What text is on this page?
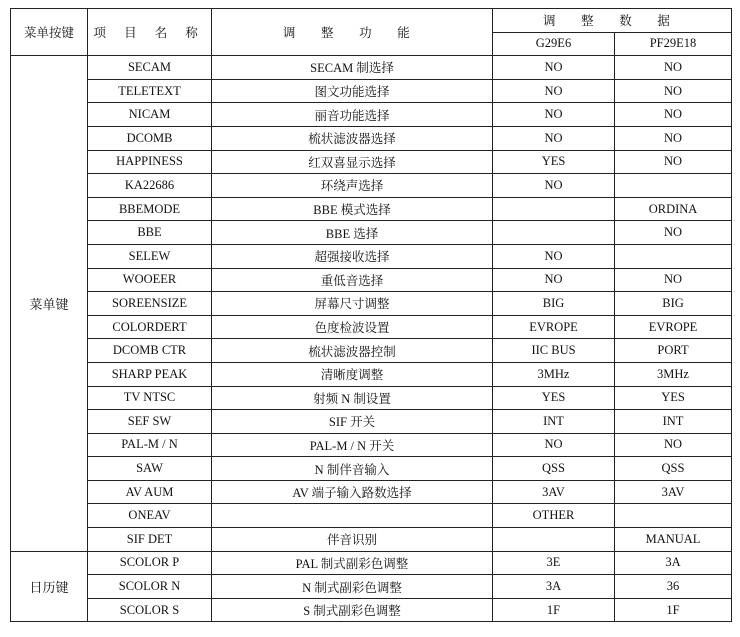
菜单按键	项 目 名 称	调 整 功 能	调 整 数 据	
			G29E6	PF29E18
菜单键	SECAM	SECAM 制选择	NO	NO
	TELETEXT	图文功能选择	NO	NO
	NICAM	丽音功能选择	NO	NO
	DCOMB	梳状滤波器选择	NO	NO
	HAPPINESS	红双喜显示选择	YES	NO
	KA22686	环绕声选择	NO	
	BBEMODE	BBE 模式选择		ORDINA
	BBE	BBE 选择		NO
	SELEW	超强接收选择	NO	
	WOOEER	重低音选择	NO	NO
	SOREENSIZE	屏幕尺寸调整	BIG	BIG
	COLORDERT	色度检波设置	EVROPE	EVROPE
	DCOMB CTR	梳状滤波器控制	IIC BUS	PORT
	SHARP PEAK	清晰度调整	3MHz	3MHz
	TV NTSC	射频 N 制设置	YES	YES
	SEF SW	SIF 开关	INT	INT
	PAL-M / N	PAL-M / N 开关	NO	NO
	SAW	N 制伴音输入	QSS	QSS
	AV AUM	AV 端子输入路数选择	3AV	3AV
	ONEAV		OTHER	
	SIF DET	伴音识别		MANUAL
日历键	SCOLOR P	PAL 制式副彩色调整	3E	3A
	SCOLOR N	N 制式副彩色调整	3A	36
	SCOLOR S	S 制式副彩色调整	1F	1F
